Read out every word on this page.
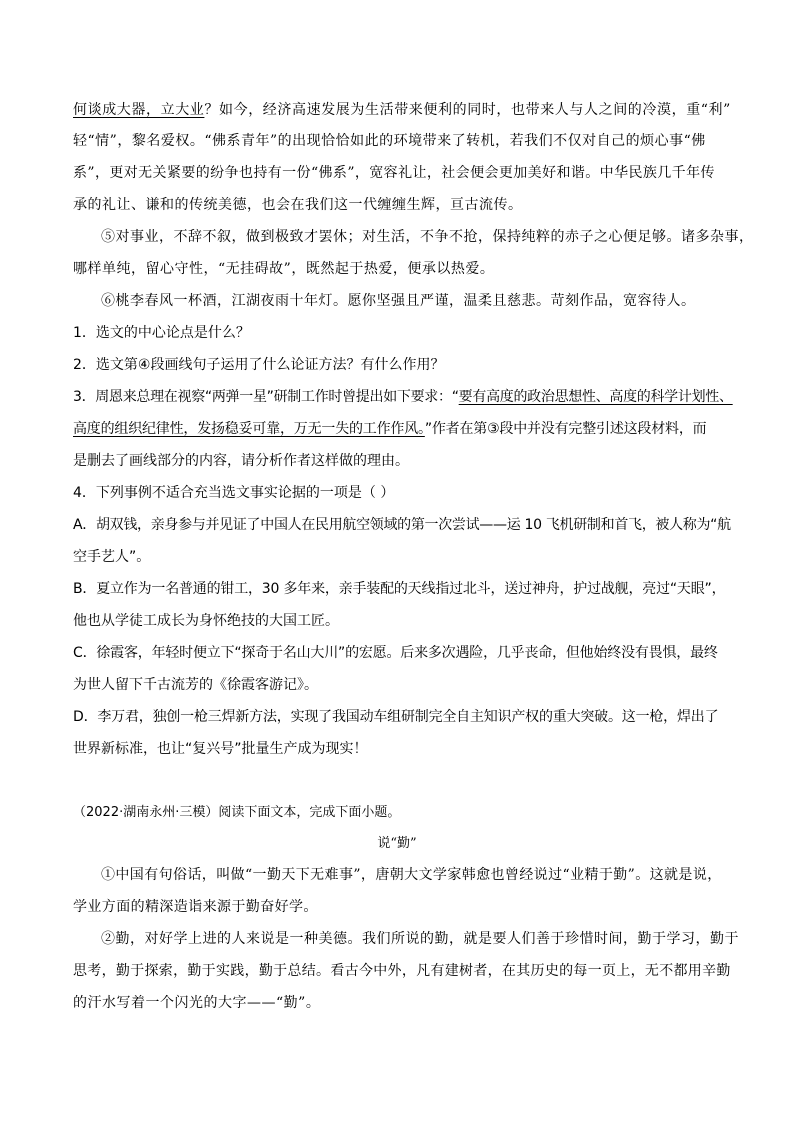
何谈成大器，立大业？如今，经济高速发展为生活带来便利的同时，也带来人与人之间的冷漠，重“利”
轻“情”，黎名爱权。“佛系青年”的出现恰恰如此的环境带来了转机，若我们不仅对自己的烦心事“佛
系”，更对无关紧要的纷争也持有一份“佛系”，宽容礼让，社会便会更加美好和谐。中华民族几千年传
承的礼让、谦和的传统美德，也会在我们这一代缠缠生辉，亘古流传。
⑤对事业，不辞不叙，做到极致才罢休；对生活，不争不抢，保持纯粹的赤子之心便足够。诸多杂事，
哪样单纯，留心守性，“无挂碍故”，既然起于热爱，便承以热爱。
⑥桃李春风一杯酒，江湖夜雨十年灯。愿你坚强且严谨，温柔且慈悲。苛刻作品，宽容待人。
1．选文的中心论点是什么？
2．选文第④段画线句子运用了什么论证方法？有什么作用？
3．周恩来总理在视察“两弹一星”研制工作时曾提出如下要求：“要有高度的政治思想性、高度的科学计划性、
高度的组织纪律性，发扬稳妥可靠，万无一失的工作作风。”作者在第③段中并没有完整引述这段材料，而
是删去了画线部分的内容，请分析作者这样做的理由。
4．下列事例不适合充当选文事实论据的一项是（ ）
A．胡双钱，亲身参与并见证了中国人在民用航空领域的第一次尝试——运 10 飞机研制和首飞，被人称为“航
空手艺人”。
B．夏立作为一名普通的钳工，30 多年来，亲手装配的天线指过北斗，送过神舟，护过战舰，亮过“天眼”，
他也从学徒工成长为身怀绝技的大国工匠。
C．徐霞客，年轻时便立下“探奇于名山大川”的宏愿。后来多次遇险，几乎丧命，但他始终没有畏惧，最终
为世人留下千古流芳的《徐霞客游记》。
D．李万君，独创一枪三焊新方法，实现了我国动车组研制完全自主知识产权的重大突破。这一枪，焊出了
世界新标准，也让“复兴号”批量生产成为现实！
（2022·湖南永州·三模）阅读下面文本，完成下面小题。
说“勤”
①中国有句俗话，叫做“一勤天下无难事”，唐朝大文学家韩愈也曾经说过“业精于勤”。这就是说，
学业方面的精深造诣来源于勤奋好学。
②勤，对好学上进的人来说是一种美德。我们所说的勤，就是要人们善于珍惜时间，勤于学习，勤于
思考，勤于探索，勤于实践，勤于总结。看古今中外，凡有建树者，在其历史的每一页上，无不都用辛勤
的汗水写着一个闪光的大字——“勤”。
